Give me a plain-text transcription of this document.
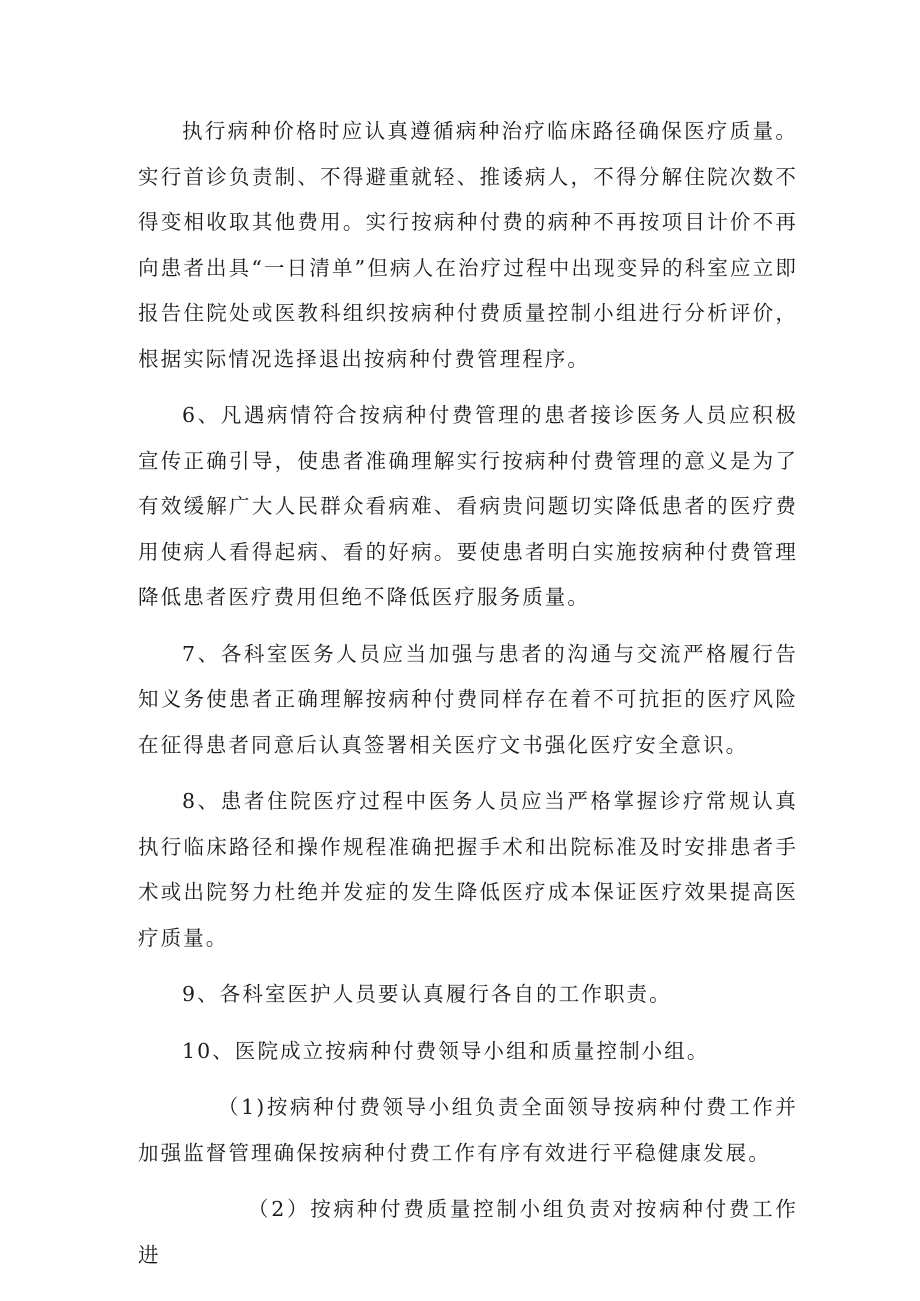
执行病种价格时应认真遵循病种治疗临床路径确保医疗质量。实行首诊负责制、不得避重就轻、推诿病人，不得分解住院次数不得变相收取其他费用。实行按病种付费的病种不再按项目计价不再向患者出具“一日清单”但病人在治疗过程中出现变异的科室应立即报告住院处或医教科组织按病种付费质量控制小组进行分析评价，根据实际情况选择退出按病种付费管理程序。

6、凡遇病情符合按病种付费管理的患者接诊医务人员应积极宣传正确引导，使患者准确理解实行按病种付费管理的意义是为了有效缓解广大人民群众看病难、看病贵问题切实降低患者的医疗费用使病人看得起病、看的好病。要使患者明白实施按病种付费管理降低患者医疗费用但绝不降低医疗服务质量。

7、各科室医务人员应当加强与患者的沟通与交流严格履行告知义务使患者正确理解按病种付费同样存在着不可抗拒的医疗风险在征得患者同意后认真签署相关医疗文书强化医疗安全意识。

8、患者住院医疗过程中医务人员应当严格掌握诊疗常规认真执行临床路径和操作规程准确把握手术和出院标准及时安排患者手术或出院努力杜绝并发症的发生降低医疗成本保证医疗效果提高医疗质量。

9、各科室医护人员要认真履行各自的工作职责。

10、医院成立按病种付费领导小组和质量控制小组。

（1)按病种付费领导小组负责全面领导按病种付费工作并加强监督管理确保按病种付费工作有序有效进行平稳健康发展。

（2）按病种付费质量控制小组负责对按病种付费工作进
